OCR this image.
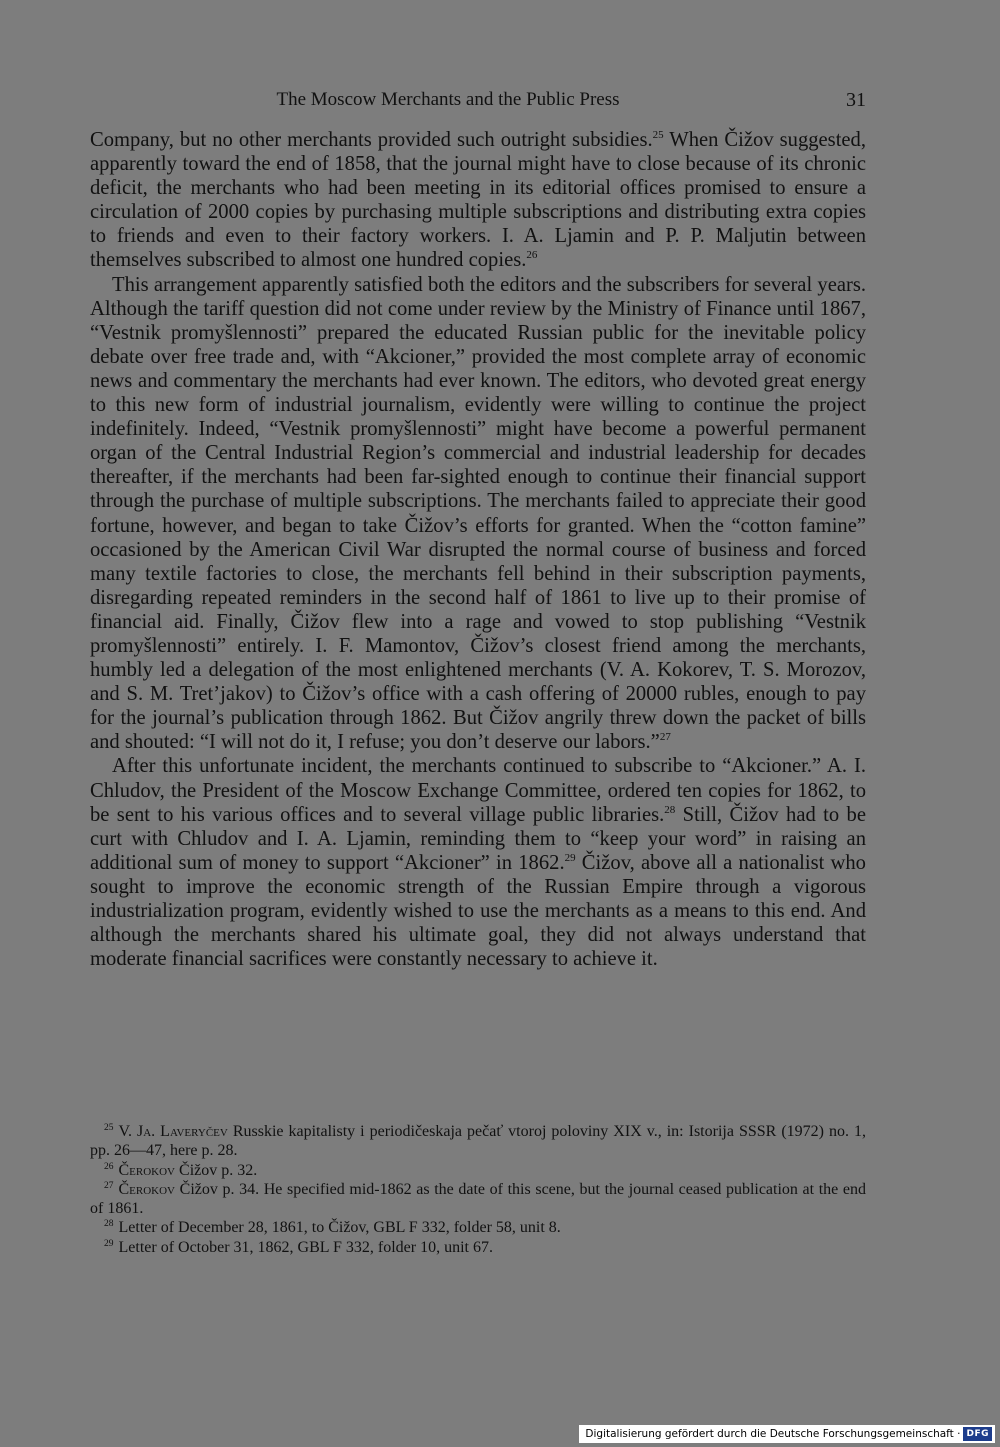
The Moscow Merchants and the Public Press	31

Company, but no other merchants provided such outright subsidies.$^{25}$ When Čižov suggested, apparently toward the end of 1858, that the journal might have to close because of its chronic deficit, the merchants who had been meeting in its editorial offices promised to ensure a circulation of 2000 copies by purchasing multiple subscriptions and distributing extra copies to friends and even to their factory workers. I. A. Ljamin and P. P. Maljutin between themselves subscribed to almost one hundred copies.$^{26}$

This arrangement apparently satisfied both the editors and the subscribers for several years. Although the tariff question did not come under review by the Ministry of Finance until 1867, “Vestnik promyšlennosti” prepared the educated Russian public for the inevitable policy debate over free trade and, with “Akcioner,” provided the most complete array of economic news and commentary the merchants had ever known. The editors, who devoted great energy to this new form of industrial journalism, evidently were willing to continue the project indefinitely. Indeed, “Vestnik promyšlennosti” might have become a powerful permanent organ of the Central Industrial Region’s commercial and industrial leadership for decades thereafter, if the merchants had been far-sighted enough to continue their financial support through the purchase of multiple subscriptions. The merchants failed to appreciate their good fortune, however, and began to take Čižov’s efforts for granted. When the “cotton famine” occasioned by the American Civil War disrupted the normal course of business and forced many textile factories to close, the merchants fell behind in their subscription payments, disregarding repeated reminders in the second half of 1861 to live up to their promise of financial aid. Finally, Čižov flew into a rage and vowed to stop publishing “Vestnik promyšlennosti” entirely. I. F. Mamontov, Čižov’s closest friend among the merchants, humbly led a delegation of the most enlightened merchants (V. A. Kokorev, T. S. Morozov, and S. M. Tret’jakov) to Čižov’s office with a cash offering of 20000 rubles, enough to pay for the journal’s publication through 1862. But Čižov angrily threw down the packet of bills and shouted: “I will not do it, I refuse; you don’t deserve our labors.”$^{27}$

After this unfortunate incident, the merchants continued to subscribe to “Akcioner.” A. I. Chludov, the President of the Moscow Exchange Committee, ordered ten copies for 1862, to be sent to his various offices and to several village public libraries.$^{28}$ Still, Čižov had to be curt with Chludov and I. A. Ljamin, reminding them to “keep your word” in raising an additional sum of money to support “Akcioner” in 1862.29 Čižov, above all a nationalist who sought to improve the economic strength of the Russian Empire through a vigorous industrialization program, evidently wished to use the merchants as a means to this end. And although the merchants shared his ultimate goal, they did not always understand that moderate financial sacrifices were constantly necessary to achieve it.

$^{25}$ V. Ja. Laveryčev Russkie kapitalisty i periodičeskaja pečať vtoroj poloviny XIX v., in: Istorija SSSR (1972) no. 1, pp. 26—47, here p. 28.

$^{26}$ Čerokov Čižov p. 32.

$^{27}$ Čerokov Čižov p. 34. He specified mid-1862 as the date of this scene, but the journal ceased publication at the end of 1861.

$^{28}$ Letter of December 28, 1861, to Čižov, GBL F 332, folder 58, unit 8.

$^{29}$ Letter of October 31, 1862, GBL F 332, folder 10, unit 67.

Digitalisierung gefördert durch die Deutsche Forschungsgemeinschaft · DFG
